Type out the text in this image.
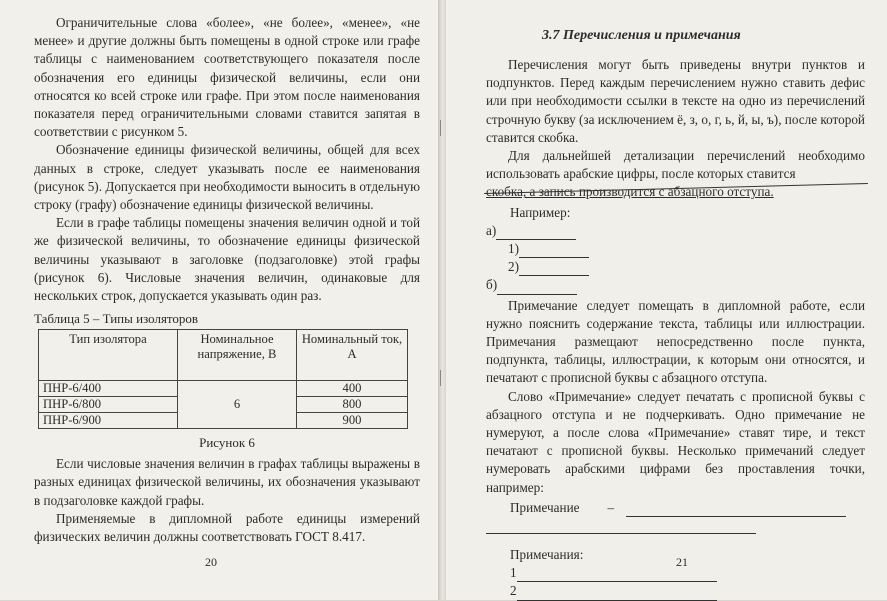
Ограничительные слова «более», «не более», «менее», «не менее» и другие должны быть помещены в одной строке или графе таблицы с наименованием соответствующего показателя после обозначения его единицы физической величины, если они относятся ко всей строке или графе. При этом после наименования показателя перед ограничительными словами ставится запятая в соответствии с рисунком 5.

Обозначение единицы физической величины, общей для всех данных в строке, следует указывать после ее наименования (рисунок 5). Допускается при необходимости выносить в отдельную строку (графу) обозначение единицы физической величины.

Если в графе таблицы помещены значения величин одной и той же физической величины, то обозначение единицы физической величины указывают в заголовке (подзаголовке) этой графы (рисунок 6). Числовые значения величин, одинаковые для нескольких строк, допускается указывать один раз.

Таблица 5 – Типы изоляторов
Тип изолятора	Номинальное напряжение, В	Номинальный ток, А
ПНР-6/400	6	400
ПНР-6/800		800
ПНР-6/900		900
Рисунок 6

Если числовые значения величин в графах таблицы выражены в разных единицах физической величины, их обозначения указывают в подзаголовке каждой графы.

Применяемые в дипломной работе единицы измерений физических величин должны соответствовать ГОСТ 8.417.

20
3.7 Перечисления и примечания

Перечисления могут быть приведены внутри пунктов и подпунктов. Перед каждым перечислением нужно ставить дефис или при необходимости ссылки в тексте на одно из перечислений строчную букву (за исключением ё, з, о, г, ь, й, ы, ъ), после которой ставится скобка.

Для дальнейшей детализации перечислений необходимо использовать арабские цифры, после которых ставится

скобка, а запись производится с абзацного отступа.

Например:
а)
1)
2)
б)

Примечание следует помещать в дипломной работе, если нужно пояснить содержание текста, таблицы или иллюстрации. Примечания размещают непосредственно после пункта, подпункта, таблицы, иллюстрации, к которым они относятся, и печатают с прописной буквы с абзацного отступа.

Слово «Примечание» следует печатать с прописной буквы с абзацного отступа и не подчеркивать. Одно примечание не нумеруют, а после слова «Примечание» ставят тире, и текст печатают с прописной буквы. Несколько примечаний следует нумеровать арабскими цифрами без проставления точки, например:

Примечание –
Примечания:
1
2
21
